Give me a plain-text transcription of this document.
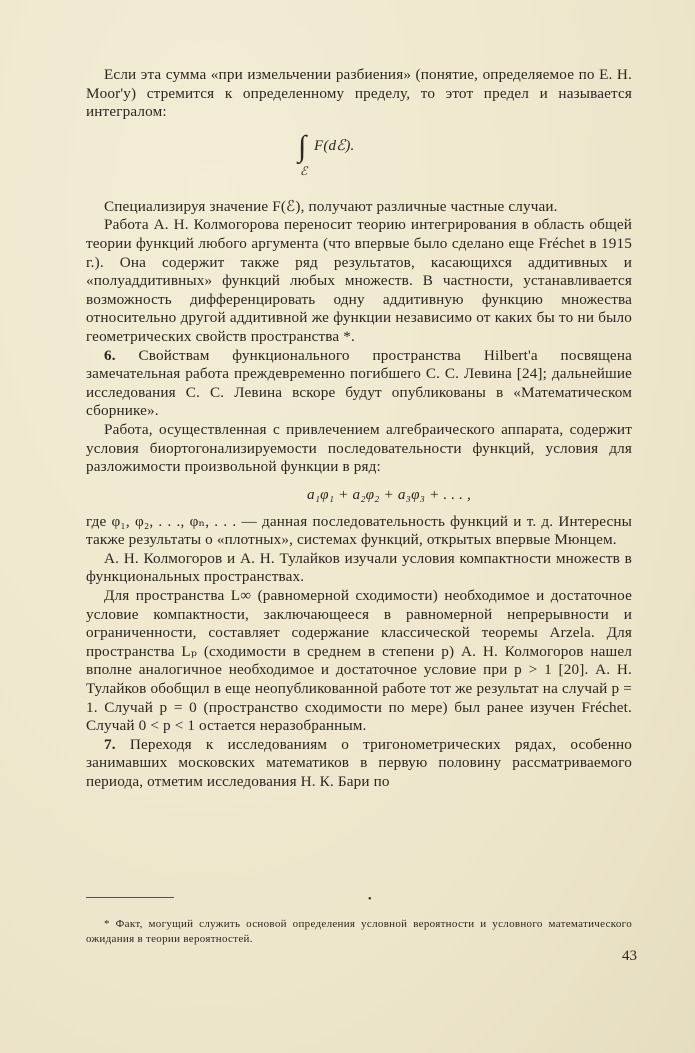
Если эта сумма «при измельчении разбиения» (понятие, определяемое по Е. Н. Moor'у) стремится к определенному пределу, то этот предел и называется интегралом:

∫
ℰ
F(dℰ).

Специализируя значение F(ℰ), получают различные частные случаи.

Работа А. Н. Колмогорова переносит теорию интегрирования в область общей теории функций любого аргумента (что впервые было сделано еще Fréchet в 1915 г.). Она содержит также ряд результатов, касающихся аддитивных и «полуаддитивных» функций любых множеств. В частности, устанавливается возможность дифференцировать одну аддитивную функцию множества относительно другой аддитивной же функции независимо от каких бы то ни было геометрических свойств пространства *.

6. Свойствам функционального пространства Hilbert'а посвящена замечательная работа преждевременно погибшего С. С. Левина [24]; дальнейшие исследования С. С. Левина вскоре будут опубликованы в «Математическом сборнике».

Работа, осуществленная с привлечением алгебраического аппарата, содержит условия биортогонализируемости последовательности функций, условия для разложимости произвольной функции в ряд:

a₁φ₁ + a₂φ₂ + a₃φ₃ + . . . ,

где φ₁, φ₂, . . ., φₙ, . . . — данная последовательность функций и т. д. Интересны также результаты о «плотных», системах функций, открытых впервые Мюнцем.

А. Н. Колмогоров и А. Н. Тулайков изучали условия компактности множеств в функциональных пространствах.

Для пространства L∞ (равномерной сходимости) необходимое и достаточное условие компактности, заключающееся в равномерной непрерывности и ограниченности, составляет содержание классической теоремы Arzela. Для пространства Lₚ (сходимости в среднем в степени p) А. Н. Колмогоров нашел вполне аналогичное необходимое и достаточное условие при p > 1 [20]. А. Н. Тулайков обобщил в еще неопубликованной работе тот же результат на случай p = 1. Случай p = 0 (пространство сходимости по мере) был ранее изучен Fréchet. Случай 0 < p < 1 остается неразобранным.

7. Переходя к исследованиям о тригонометрических рядах, особенно занимавших московских математиков в первую половину рассматриваемого периода, отметим исследования Н. К. Бари по

•

* Факт, могущий служить основой определения условной вероятности и условного математического ожидания в теории вероятностей.

43
